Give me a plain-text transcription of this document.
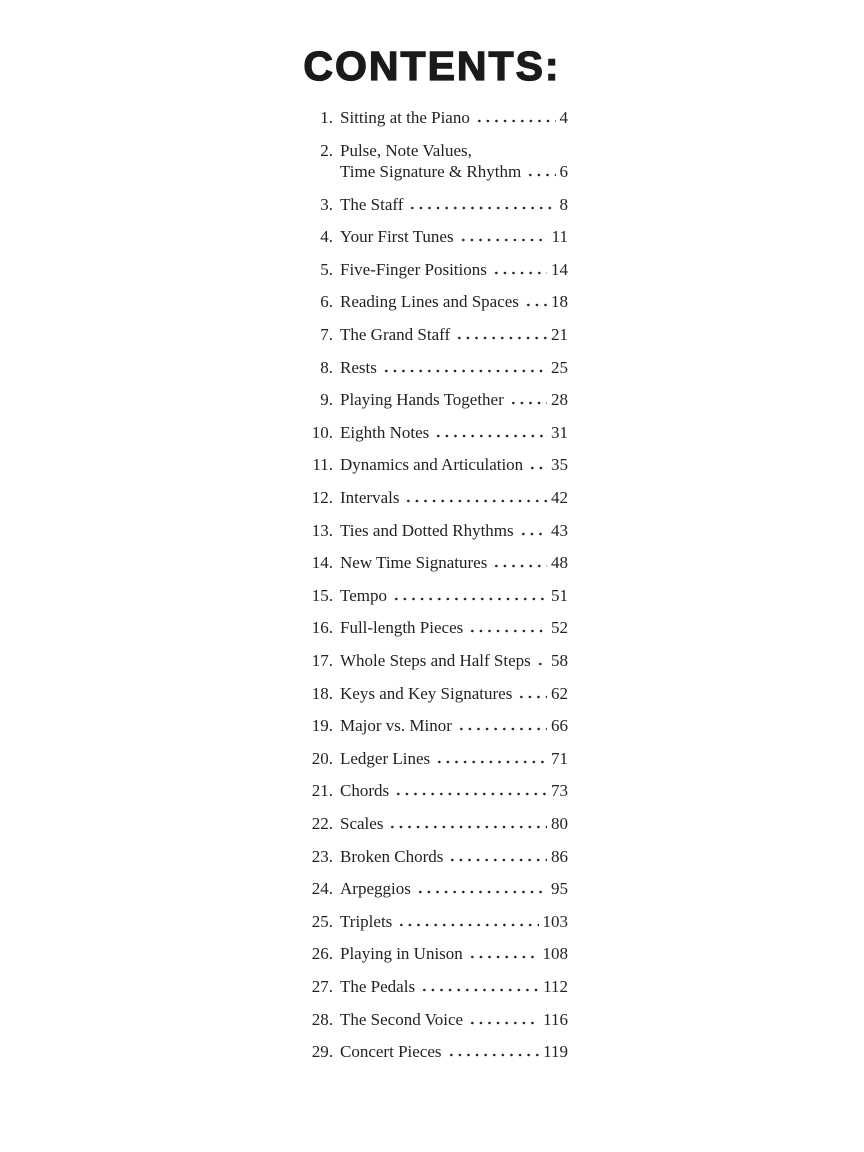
CONTENTS:
1. Sitting at the Piano	4
2. Pulse, Note Values,
Time Signature & Rhythm 6
3. The Staff	8
4. Your First Tunes	11
5. Five-Finger Positions	14
6. Reading Lines and Spaces 18
7. The Grand Staff	21
8. Rests	25
9. Playing Hands Together	28
10. Eighth Notes	31
11. Dynamics and Articulation 35
12. Intervals	42
13. Ties and Dotted Rhythms 43
14. New Time Signatures	48
15. Tempo	51
16. Full-length Pieces	52
17. Whole Steps and Half Steps 58
18. Keys and Key Signatures 62
19. Major vs. Minor	66
20. Ledger Lines	71
21. Chords	73
22. Scales	80
23. Broken Chords	86
24. Arpeggios	95
25. Triplets	103
26. Playing in Unison	108
27. The Pedals	112
28. The Second Voice	116
29. Concert Pieces	119
